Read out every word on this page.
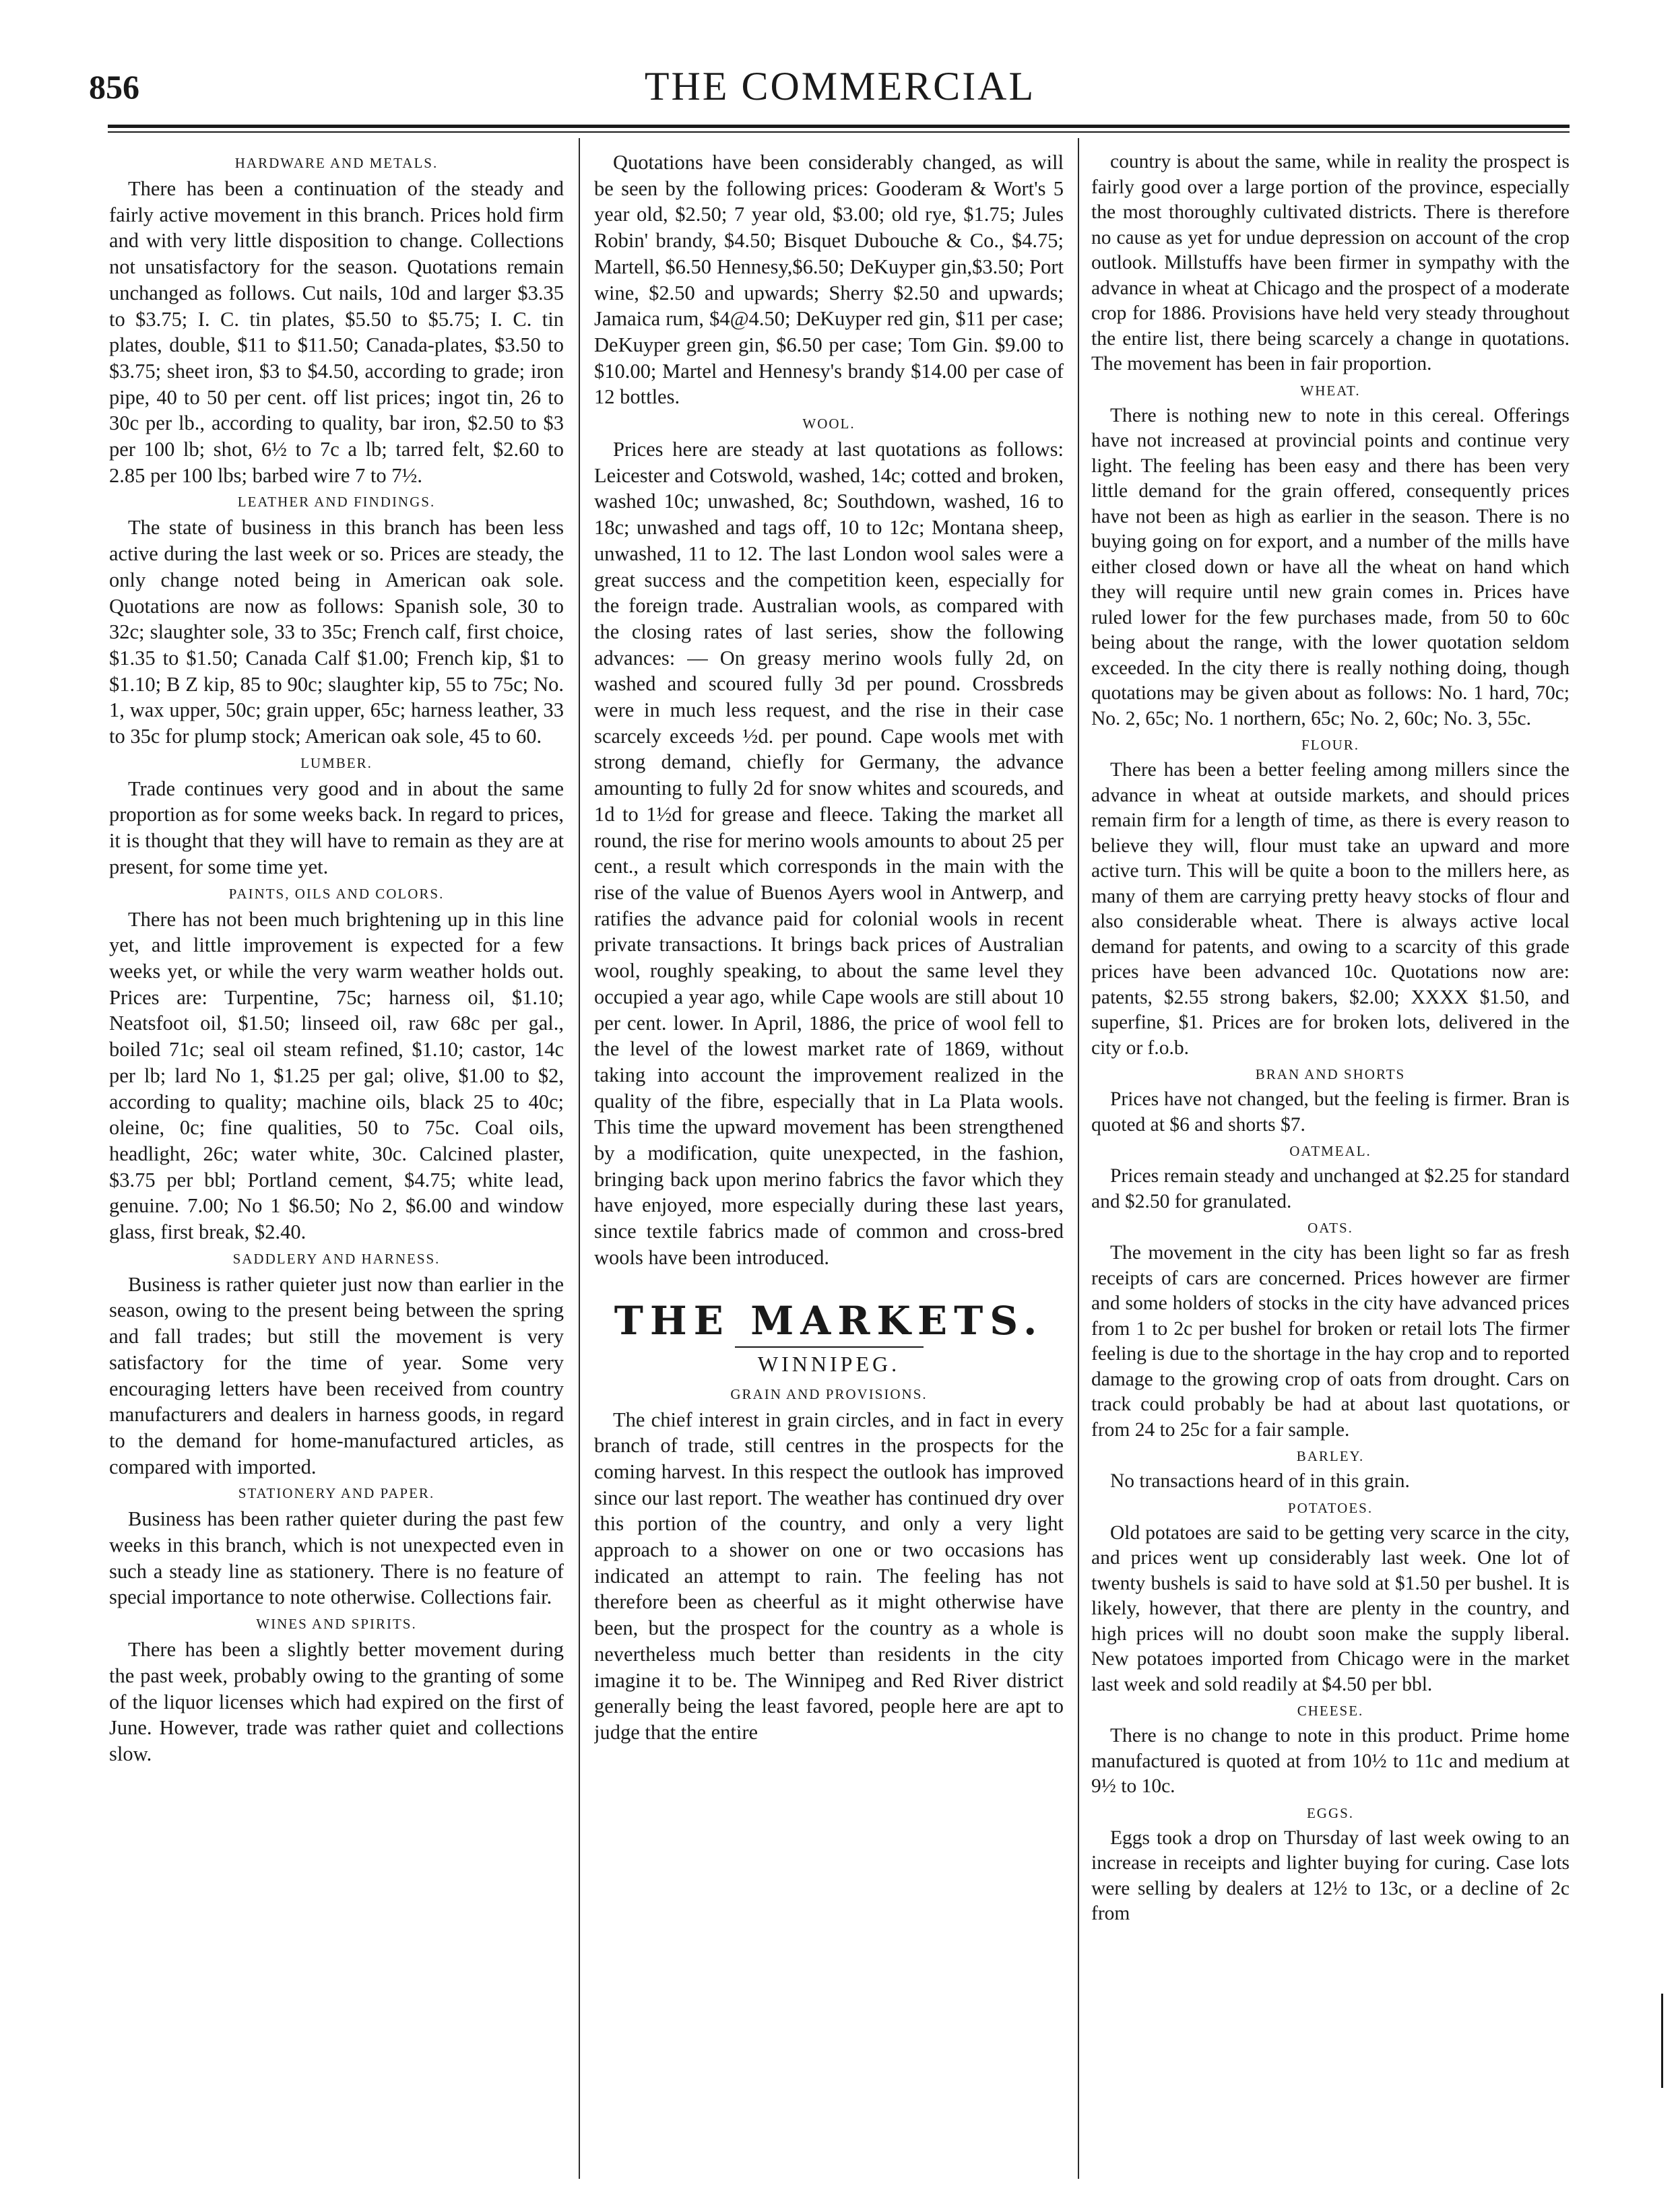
856	THE COMMERCIAL
HARDWARE AND METALS.

There has been a continuation of the steady and fairly active movement in this branch. Prices hold firm and with very little disposition to change. Collections not unsatisfactory for the season. Quotations remain unchanged as follows. Cut nails, 10d and larger $3.35 to $3.75; I. C. tin plates, $5.50 to $5.75; I. C. tin plates, double, $11 to $11.50; Canada-plates, $3.50 to $3.75; sheet iron, $3 to $4.50, according to grade; iron pipe, 40 to 50 per cent. off list prices; ingot tin, 26 to 30c per lb., according to quality, bar iron, $2.50 to $3 per 100 lb; shot, 6½ to 7c a lb; tarred felt, $2.60 to 2.85 per 100 lbs; barbed wire 7 to 7½.

LEATHER AND FINDINGS.

The state of business in this branch has been less active during the last week or so. Prices are steady, the only change noted being in American oak sole. Quotations are now as follows: Spanish sole, 30 to 32c; slaughter sole, 33 to 35c; French calf, first choice, $1.35 to $1.50; Canada Calf $1.00; French kip, $1 to $1.10; B Z kip, 85 to 90c; slaughter kip, 55 to 75c; No. 1, wax upper, 50c; grain upper, 65c; harness leather, 33 to 35c for plump stock; American oak sole, 45 to 60.

LUMBER.

Trade continues very good and in about the same proportion as for some weeks back. In regard to prices, it is thought that they will have to remain as they are at present, for some time yet.

PAINTS, OILS AND COLORS.

There has not been much brightening up in this line yet, and little improvement is expected for a few weeks yet, or while the very warm weather holds out. Prices are: Turpentine, 75c; harness oil, $1.10; Neatsfoot oil, $1.50; linseed oil, raw 68c per gal., boiled 71c; seal oil steam refined, $1.10; castor, 14c per lb; lard No 1, $1.25 per gal; olive, $1.00 to $2, according to quality; machine oils, black 25 to 40c; oleine, 0c; fine qualities, 50 to 75c. Coal oils, headlight, 26c; water white, 30c. Calcined plaster, $3.75 per bbl; Portland cement, $4.75; white lead, genuine. 7.00; No 1 $6.50; No 2, $6.00 and window glass, first break, $2.40.

SADDLERY AND HARNESS.

Business is rather quieter just now than earlier in the season, owing to the present being between the spring and fall trades; but still the movement is very satisfactory for the time of year. Some very encouraging letters have been received from country manufacturers and dealers in harness goods, in regard to the demand for home-manufactured articles, as compared with imported.

STATIONERY AND PAPER.

Business has been rather quieter during the past few weeks in this branch, which is not unexpected even in such a steady line as stationery. There is no feature of special importance to note otherwise. Collections fair.

WINES AND SPIRITS.

There has been a slightly better movement during the past week, probably owing to the granting of some of the liquor licenses which had expired on the first of June. However, trade was rather quiet and collections slow.

Quotations have been considerably changed, as will be seen by the following prices: Gooderam & Wort's 5 year old, $2.50; 7 year old, $3.00; old rye, $1.75; Jules Robin' brandy, $4.50; Bisquet Dubouche & Co., $4.75; Martell, $6.50 Hennesy,$6.50; DeKuyper gin,$3.50; Port wine, $2.50 and upwards; Sherry $2.50 and upwards; Jamaica rum, $4@4.50; DeKuyper red gin, $11 per case; DeKuyper green gin, $6.50 per case; Tom Gin. $9.00 to $10.00; Martel and Hennesy's brandy $14.00 per case of 12 bottles.

WOOL.

Prices here are steady at last quotations as follows: Leicester and Cotswold, washed, 14c; cotted and broken, washed 10c; unwashed, 8c; Southdown, washed, 16 to 18c; unwashed and tags off, 10 to 12c; Montana sheep, unwashed, 11 to 12. The last London wool sales were a great success and the competition keen, especially for the foreign trade. Australian wools, as compared with the closing rates of last series, show the following advances: — On greasy merino wools fully 2d, on washed and scoured fully 3d per pound. Crossbreds were in much less request, and the rise in their case scarcely exceeds ½d. per pound. Cape wools met with strong demand, chiefly for Germany, the advance amounting to fully 2d for snow whites and scoureds, and 1d to 1½d for grease and fleece. Taking the market all round, the rise for merino wools amounts to about 25 per cent., a result which corresponds in the main with the rise of the value of Buenos Ayers wool in Antwerp, and ratifies the advance paid for colonial wools in recent private transactions. It brings back prices of Australian wool, roughly speaking, to about the same level they occupied a year ago, while Cape wools are still about 10 per cent. lower. In April, 1886, the price of wool fell to the level of the lowest market rate of 1869, without taking into account the improvement realized in the quality of the fibre, especially that in La Plata wools. This time the upward movement has been strengthened by a modification, quite unexpected, in the fashion, bringing back upon merino fabrics the favor which they have enjoyed, more especially during these last years, since textile fabrics made of common and cross-bred wools have been introduced.

THE MARKETS.
WINNIPEG.
GRAIN AND PROVISIONS.

The chief interest in grain circles, and in fact in every branch of trade, still centres in the prospects for the coming harvest. In this respect the outlook has improved since our last report. The weather has continued dry over this portion of the country, and only a very light approach to a shower on one or two occasions has indicated an attempt to rain. The feeling has not therefore been as cheerful as it might otherwise have been, but the prospect for the country as a whole is nevertheless much better than residents in the city imagine it to be. The Winnipeg and Red River district generally being the least favored, people here are apt to judge that the entire

country is about the same, while in reality the prospect is fairly good over a large portion of the province, especially the most thoroughly cultivated districts. There is therefore no cause as yet for undue depression on account of the crop outlook. Millstuffs have been firmer in sympathy with the advance in wheat at Chicago and the prospect of a moderate crop for 1886. Provisions have held very steady throughout the entire list, there being scarcely a change in quotations. The movement has been in fair proportion.

WHEAT.

There is nothing new to note in this cereal. Offerings have not increased at provincial points and continue very light. The feeling has been easy and there has been very little demand for the grain offered, consequently prices have not been as high as earlier in the season. There is no buying going on for export, and a number of the mills have either closed down or have all the wheat on hand which they will require until new grain comes in. Prices have ruled lower for the few purchases made, from 50 to 60c being about the range, with the lower quotation seldom exceeded. In the city there is really nothing doing, though quotations may be given about as follows: No. 1 hard, 70c; No. 2, 65c; No. 1 northern, 65c; No. 2, 60c; No. 3, 55c.

FLOUR.

There has been a better feeling among millers since the advance in wheat at outside markets, and should prices remain firm for a length of time, as there is every reason to believe they will, flour must take an upward and more active turn. This will be quite a boon to the millers here, as many of them are carrying pretty heavy stocks of flour and also considerable wheat. There is always active local demand for patents, and owing to a scarcity of this grade prices have been advanced 10c. Quotations now are: patents, $2.55 strong bakers, $2.00; XXXX $1.50, and superfine, $1. Prices are for broken lots, delivered in the city or f.o.b.

BRAN AND SHORTS

Prices have not changed, but the feeling is firmer. Bran is quoted at $6 and shorts $7.

OATMEAL.

Prices remain steady and unchanged at $2.25 for standard and $2.50 for granulated.

OATS.

The movement in the city has been light so far as fresh receipts of cars are concerned. Prices however are firmer and some holders of stocks in the city have advanced prices from 1 to 2c per bushel for broken or retail lots The firmer feeling is due to the shortage in the hay crop and to reported damage to the growing crop of oats from drought. Cars on track could probably be had at about last quotations, or from 24 to 25c for a fair sample.

BARLEY.

No transactions heard of in this grain.

POTATOES.

Old potatoes are said to be getting very scarce in the city, and prices went up considerably last week. One lot of twenty bushels is said to have sold at $1.50 per bushel. It is likely, however, that there are plenty in the country, and high prices will no doubt soon make the supply liberal. New potatoes imported from Chicago were in the market last week and sold readily at $4.50 per bbl.

CHEESE.

There is no change to note in this product. Prime home manufactured is quoted at from 10½ to 11c and medium at 9½ to 10c.

EGGS.

Eggs took a drop on Thursday of last week owing to an increase in receipts and lighter buying for curing. Case lots were selling by dealers at 12½ to 13c, or a decline of 2c from
